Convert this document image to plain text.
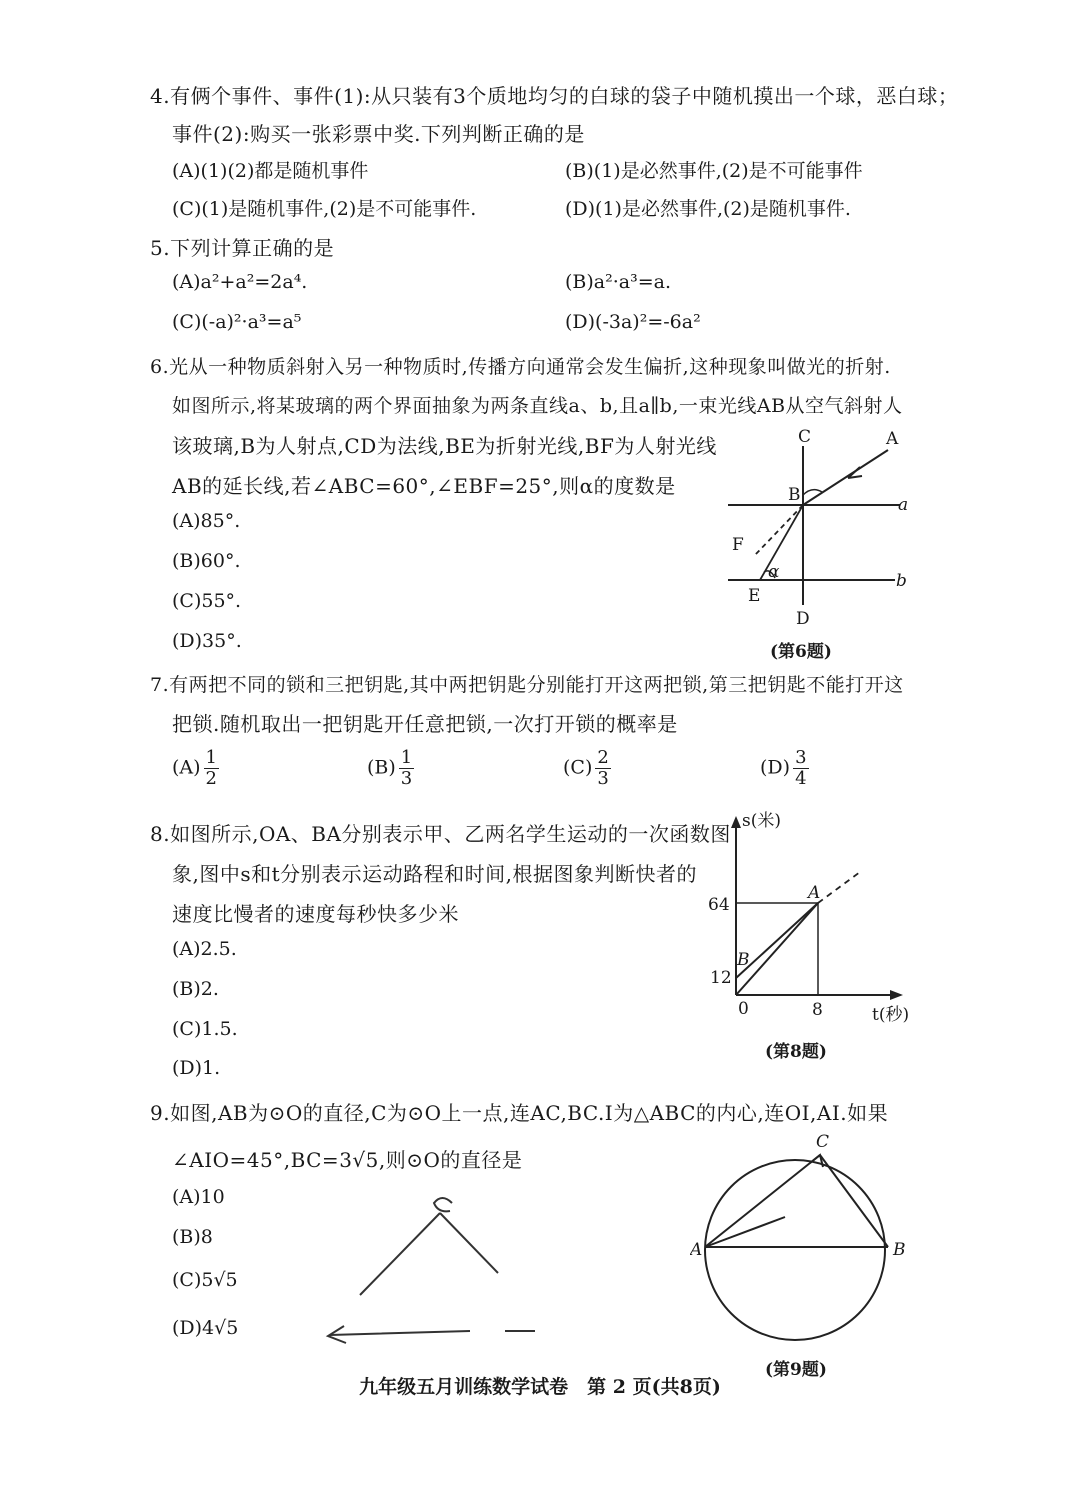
4.有俩个事件、事件(1):从只装有3个质地均匀的白球的袋子中随机摸出一个球，恶白球；
事件(2):购买一张彩票中奖.下列判断正确的是
(A)(1)(2)都是随机事件	(B)(1)是必然事件,(2)是不可能事件
(C)(1)是随机事件,(2)是不可能事件.	(D)(1)是必然事件,(2)是随机事件.
5.下列计算正确的是
(A)a²+a²=2a⁴.	(B)a²·a³=a.
(C)(-a)²·a³=a⁵	(D)(-3a)²=-6a²
6.光从一种物质斜射入另一种物质时,传播方向通常会发生偏折,这种现象叫做光的折射.
如图所示,将某玻璃的两个界面抽象为两条直线a、b,且a∥b,一束光线AB从空气斜射人
该玻璃,B为人射点,CD为法线,BE为折射光线,BF为人射光线
AB的延长线,若∠ABC=60°,∠EBF=25°,则α的度数是
(A)85°.
(B)60°.
(C)55°.
(D)35°.
C	A
B	a
F
α	b
E
D
(第6题)
7.有两把不同的锁和三把钥匙,其中两把钥匙分别能打开这两把锁,第三把钥匙不能打开这
把锁.随机取出一把钥匙开任意把锁,一次打开锁的概率是
$(A) \frac{1}{2}$	$(B) \frac{1}{3}$	$(C) \frac{2}{3}$	$(D) \frac{3}{4}$
8.如图所示,OA、BA分别表示甲、乙两名学生运动的一次函数图
象,图中s和t分别表示运动路程和时间,根据图象判断快者的
速度比慢者的速度每秒快多少米
(A)2.5.
(B)2.
(C)1.5.
(D)1.
s(米)
t(秒)
64
12
0	8
A
B
(第8题)
9.如图,AB为⊙O的直径,C为⊙O上一点,连AC,BC.I为△ABC的内心,连OI,AI.如果
∠AIO=45°,BC=3√5,则⊙O的直径是
(A)10
(B)8
(C)5√5
(D)4√5
C
A	B
(第9题)
九年级五月训练数学试卷　第 2 页(共8页)
